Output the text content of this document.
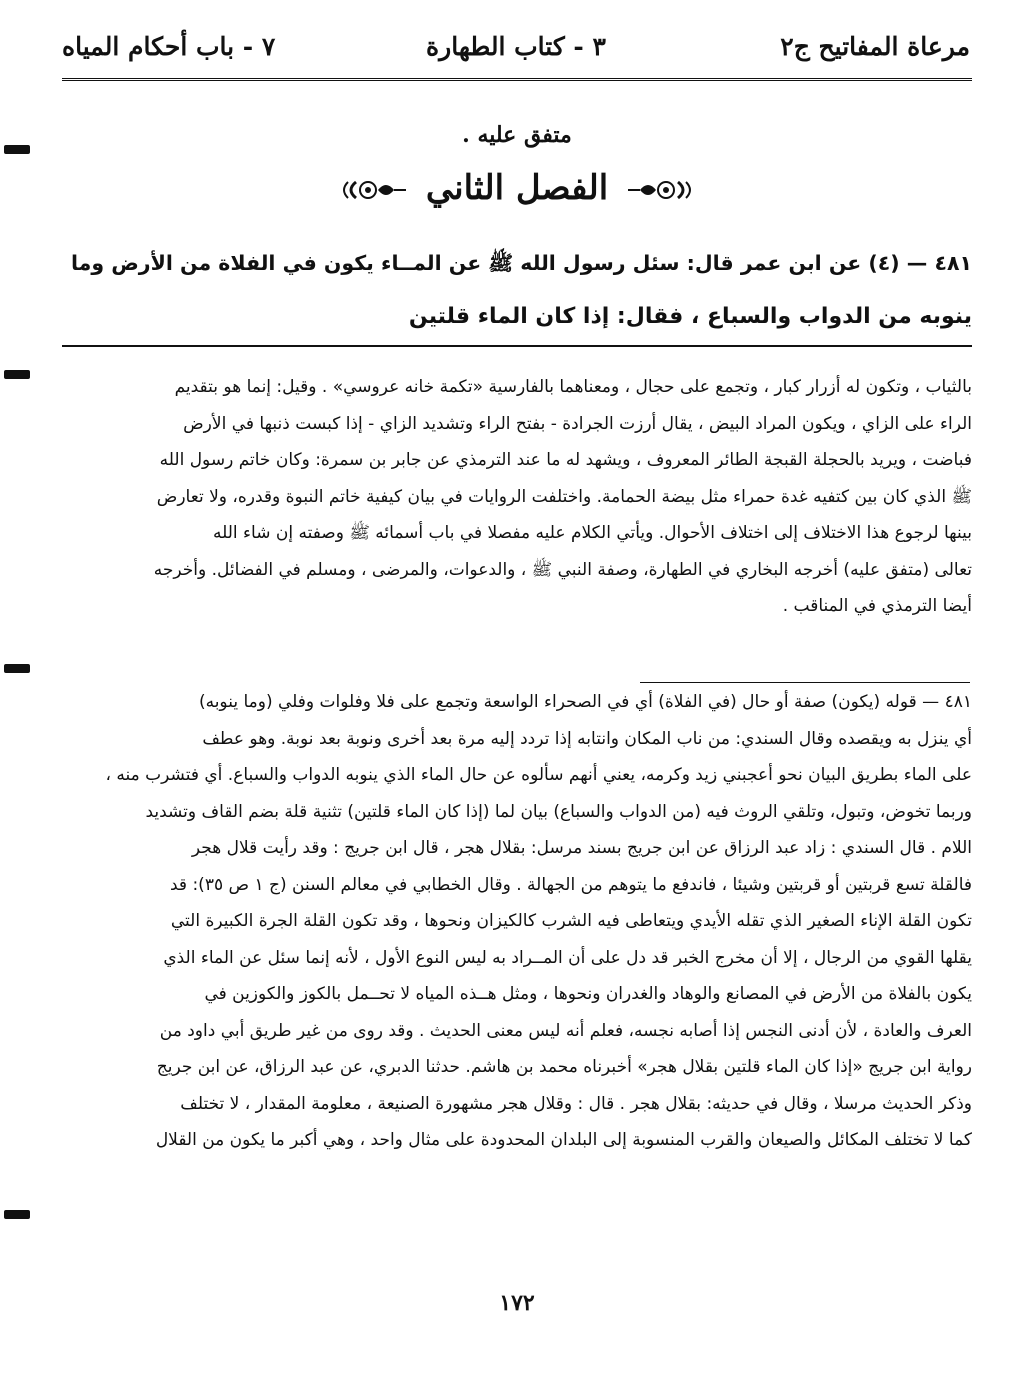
مرعاة المفاتيح ج٢
٣ - كتاب الطهارة
٧ - باب أحكام المياه
متفق عليه .
الفصل الثاني
٤٨١ — (٤) عن ابن عمر قال: سئل رسول الله ﷺ عن المــاء يكون في الفلاة من الأرض وما
ينوبه من الدواب والسباع ، فقال: إذا كان الماء قلتين
بالثياب ، وتكون له أزرار كبار ، وتجمع على حجال ، ومعناهما بالفارسية «تكمة خانه عروسي» . وقيل: إنما هو بتقديم
الراء على الزاي ، ويكون المراد البيض ، يقال أرزت الجرادة - بفتح الراء وتشديد الزاي - إذا كبست ذنبها في الأرض
فباضت ، ويريد بالحجلة القبجة الطائر المعروف ، ويشهد له ما عند الترمذي عن جابر بن سمرة: وكان خاتم رسول الله
ﷺ الذي كان بين كتفيه غدة حمراء مثل بيضة الحمامة. واختلفت الروايات في بيان كيفية خاتم النبوة وقدره، ولا تعارض
بينها لرجوع هذا الاختلاف إلى اختلاف الأحوال. ويأتي الكلام عليه مفصلا في باب أسمائه ﷺ وصفته إن شاء الله
تعالى (متفق عليه) أخرجه البخاري في الطهارة، وصفة النبي ﷺ ، والدعوات، والمرضى ، ومسلم في الفضائل. وأخرجه
أيضا الترمذي في المناقب .
٤٨١ — قوله (يكون) صفة أو حال (في الفلاة) أي في الصحراء الواسعة وتجمع على فلا وفلوات وفلي (وما ينوبه)
أي ينزل به ويقصده وقال السندي: من ناب المكان وانتابه إذا تردد إليه مرة بعد أخرى ونوبة بعد نوبة. وهو عطف
على الماء بطريق البيان نحو أعجبني زيد وكرمه، يعني أنهم سألوه عن حال الماء الذي ينوبه الدواب والسباع. أي فتشرب منه ،
وربما تخوض، وتبول، وتلقي الروث فيه (من الدواب والسباع) بيان لما (إذا كان الماء قلتين) تثنية قلة بضم القاف وتشديد
اللام . قال السندي : زاد عبد الرزاق عن ابن جريج بسند مرسل: بقلال هجر ، قال ابن جريج : وقد رأيت قلال هجر
فالقلة تسع قربتين أو قربتين وشيئا ، فاندفع ما يتوهم من الجهالة . وقال الخطابي في معالم السنن (ج ١ ص ٣٥): قد
تكون القلة الإناء الصغير الذي تقله الأيدي ويتعاطى فيه الشرب كالكيزان ونحوها ، وقد تكون القلة الجرة الكبيرة التي
يقلها القوي من الرجال ، إلا أن مخرج الخبر قد دل على أن المــراد به ليس النوع الأول ، لأنه إنما سئل عن الماء الذي
يكون بالفلاة من الأرض في المصانع والوهاد والغدران ونحوها ، ومثل هــذه المياه لا تحــمل بالكوز والكوزين في
العرف والعادة ، لأن أدنى النجس إذا أصابه نجسه، فعلم أنه ليس معنى الحديث . وقد روى من غير طريق أبي داود من
رواية ابن جريج «إذا كان الماء قلتين بقلال هجر» أخبرناه محمد بن هاشم. حدثنا الدبري، عن عبد الرزاق، عن ابن جريج
وذكر الحديث مرسلا ، وقال في حديثه: بقلال هجر . قال : وقلال هجر مشهورة الصنيعة ، معلومة المقدار ، لا تختلف
كما لا تختلف المكائل والصيعان والقرب المنسوبة إلى البلدان المحدودة على مثال واحد ، وهي أكبر ما يكون من القلال
١٧٢
